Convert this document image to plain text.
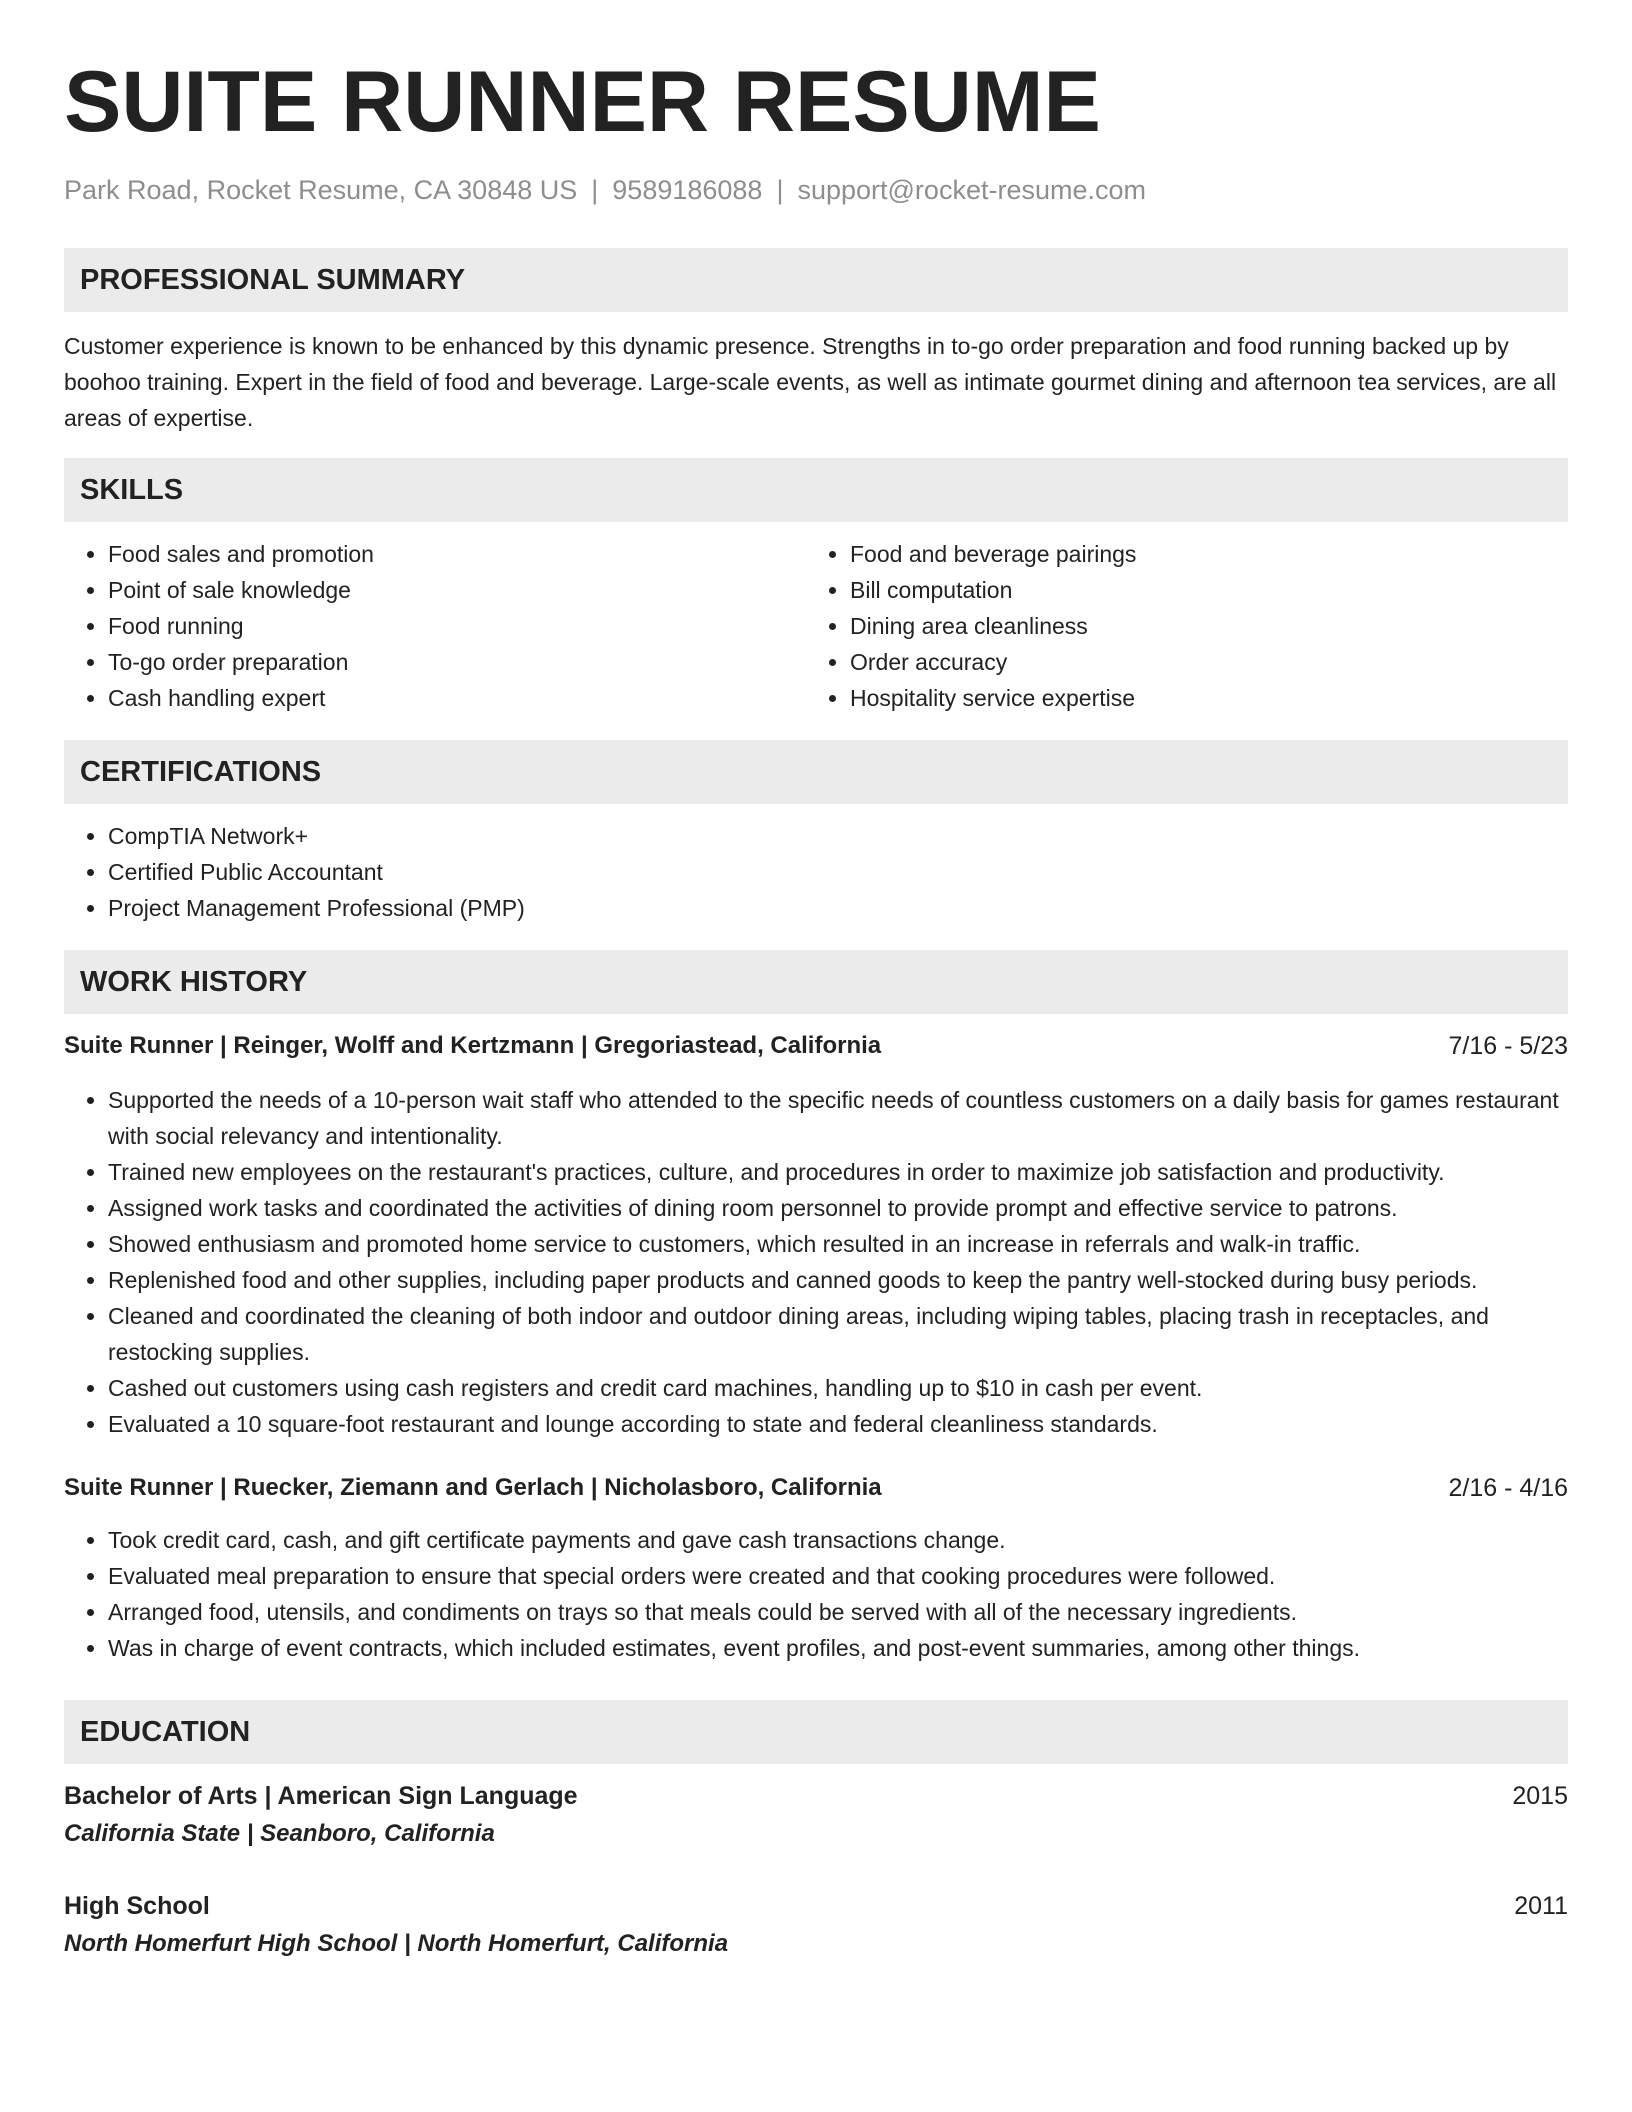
SUITE RUNNER RESUME
Park Road, Rocket Resume, CA 30848 US | 9589186088 | support@rocket-resume.com
PROFESSIONAL SUMMARY

Customer experience is known to be enhanced by this dynamic presence. Strengths in to-go order preparation and food running backed up by boohoo training. Expert in the field of food and beverage. Large-scale events, as well as intimate gourmet dining and afternoon tea services, are all areas of expertise.

SKILLS
• Food sales and promotion
• Point of sale knowledge
• Food running
• To-go order preparation
• Cash handling expert
• Food and beverage pairings
• Bill computation
• Dining area cleanliness
• Order accuracy
• Hospitality service expertise
CERTIFICATIONS
• CompTIA Network+
• Certified Public Accountant
• Project Management Professional (PMP)
WORK HISTORY
Suite Runner | Reinger, Wolff and Kertzmann | Gregoriastead, California	7/16 - 5/23
• Supported the needs of a 10-person wait staff who attended to the specific needs of countless customers on a daily basis for games restaurant with social relevancy and intentionality.
• Trained new employees on the restaurant's practices, culture, and procedures in order to maximize job satisfaction and productivity.
• Assigned work tasks and coordinated the activities of dining room personnel to provide prompt and effective service to patrons.
• Showed enthusiasm and promoted home service to customers, which resulted in an increase in referrals and walk-in traffic.
• Replenished food and other supplies, including paper products and canned goods to keep the pantry well-stocked during busy periods.
• Cleaned and coordinated the cleaning of both indoor and outdoor dining areas, including wiping tables, placing trash in receptacles, and restocking supplies.
• Cashed out customers using cash registers and credit card machines, handling up to $10 in cash per event.
• Evaluated a 10 square-foot restaurant and lounge according to state and federal cleanliness standards.
Suite Runner | Ruecker, Ziemann and Gerlach | Nicholasboro, California	2/16 - 4/16
• Took credit card, cash, and gift certificate payments and gave cash transactions change.
• Evaluated meal preparation to ensure that special orders were created and that cooking procedures were followed.
• Arranged food, utensils, and condiments on trays so that meals could be served with all of the necessary ingredients.
• Was in charge of event contracts, which included estimates, event profiles, and post-event summaries, among other things.
EDUCATION
Bachelor of Arts | American Sign Language	2015
California State | Seanboro, California
High School	2011
North Homerfurt High School | North Homerfurt, California
